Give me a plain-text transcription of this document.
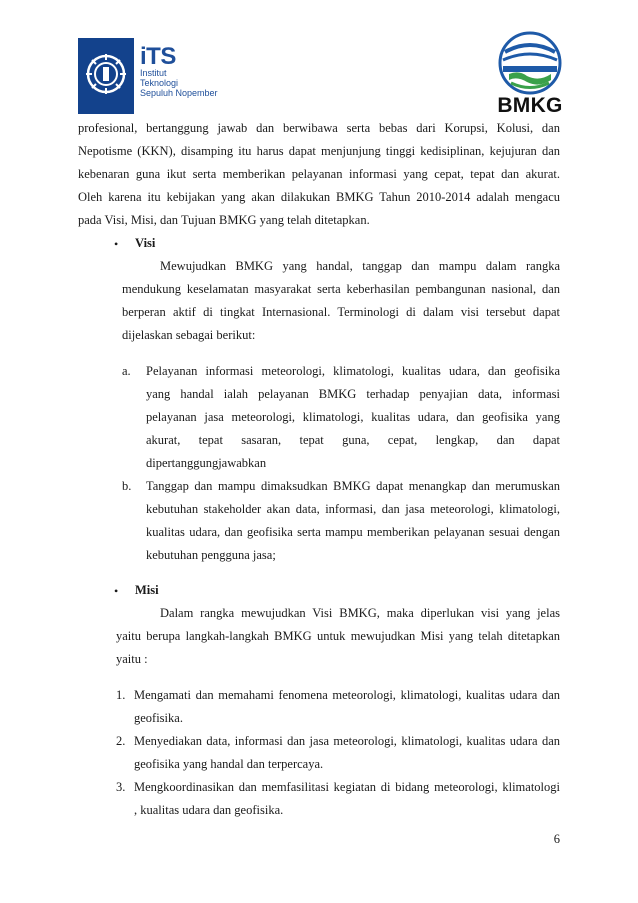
iTS
Institut
Teknologi
Sepuluh Nopember
BMKG

profesional, bertanggung jawab dan berwibawa serta bebas dari Korupsi, Kolusi, dan

Nepotisme (KKN), disamping itu harus dapat menjunjung tinggi kedisiplinan, kejujuran dan

kebenaran guna ikut serta memberikan pelayanan informasi yang cepat, tepat dan akurat.

Oleh karena itu kebijakan yang akan dilakukan BMKG Tahun 2010-2014 adalah mengacu

pada Visi, Misi, dan Tujuan BMKG yang telah ditetapkan.

• Visi

Mewujudkan BMKG yang handal, tanggap dan mampu dalam rangka

mendukung keselamatan masyarakat serta keberhasilan pembangunan nasional, dan

berperan aktif di tingkat Internasional. Terminologi di dalam visi tersebut dapat

dijelaskan sebagai berikut:

a.	Pelayanan informasi meteorologi, klimatologi, kualitas udara, dan geofisika

yang handal ialah pelayanan BMKG terhadap penyajian data, informasi

pelayanan jasa meteorologi, klimatologi, kualitas udara, dan geofisika yang

akurat, tepat sasaran, tepat guna, cepat, lengkap, dan dapat

dipertanggungjawabkan

b.	Tanggap dan mampu dimaksudkan BMKG dapat menangkap dan merumuskan

kebutuhan stakeholder akan data, informasi, dan jasa meteorologi, klimatologi,

kualitas udara, dan geofisika serta mampu memberikan pelayanan sesuai dengan

kebutuhan pengguna jasa;

• Misi

Dalam rangka mewujudkan Visi BMKG, maka diperlukan visi yang jelas

yaitu berupa langkah-langkah BMKG untuk mewujudkan Misi yang telah ditetapkan

yaitu :

1. Mengamati dan memahami fenomena meteorologi, klimatologi, kualitas udara dan

geofisika.

2. Menyediakan data, informasi dan jasa meteorologi, klimatologi, kualitas udara dan

geofisika yang handal dan terpercaya.

3. Mengkoordinasikan dan memfasilitasi kegiatan di bidang meteorologi, klimatologi

, kualitas udara dan geofisika.

6
